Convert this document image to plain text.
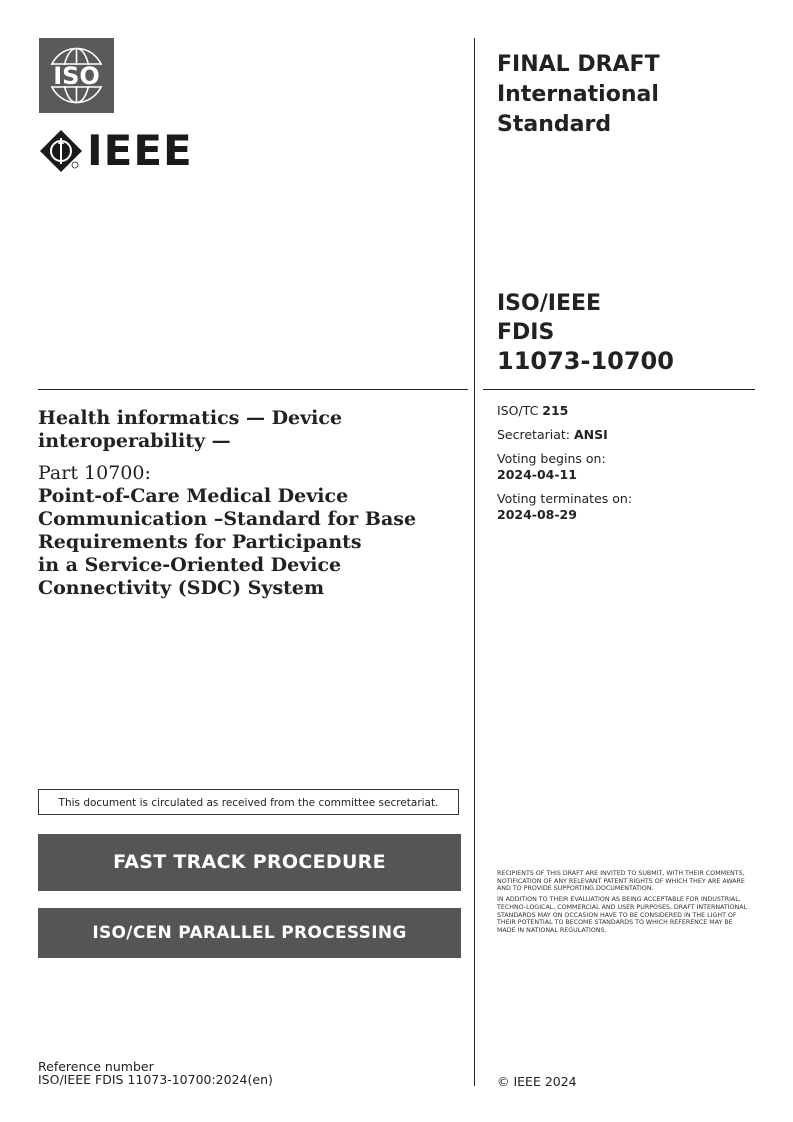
ISO
IEEE
FINAL DRAFT
International
Standard
ISO/IEEE
FDIS
11073-10700
Health informatics — Device
interoperability —
Part 10700:
Point-of-Care Medical Device
Communication –Standard for Base
Requirements for Participants
in a Service-Oriented Device
Connectivity (SDC) System

ISO/TC 215

Secretariat: ANSI

Voting begins on:
2024-04-11

Voting terminates on:
2024-08-29

This document is circulated as received from the committee secretariat.
FAST TRACK PROCEDURE
ISO/CEN PARALLEL PROCESSING

RECIPIENTS OF THIS DRAFT ARE INVITED TO SUBMIT, WITH THEIR COMMENTS, NOTIFICATION OF ANY RELEVANT PATENT RIGHTS OF WHICH THEY ARE AWARE AND TO PROVIDE SUPPORTING DOCUMENTATION.

IN ADDITION TO THEIR EVALUATION AS BEING ACCEPTABLE FOR INDUSTRIAL, TECHNO-LOGICAL, COMMERCIAL AND USER PURPOSES, DRAFT INTERNATIONAL STANDARDS MAY ON OCCASION HAVE TO BE CONSIDERED IN THE LIGHT OF THEIR POTENTIAL TO BECOME STANDARDS TO WHICH REFERENCE MAY BE MADE IN NATIONAL REGULATIONS.

Reference number
ISO/IEEE FDIS 11073-10700:2024(en)	© IEEE 2024
